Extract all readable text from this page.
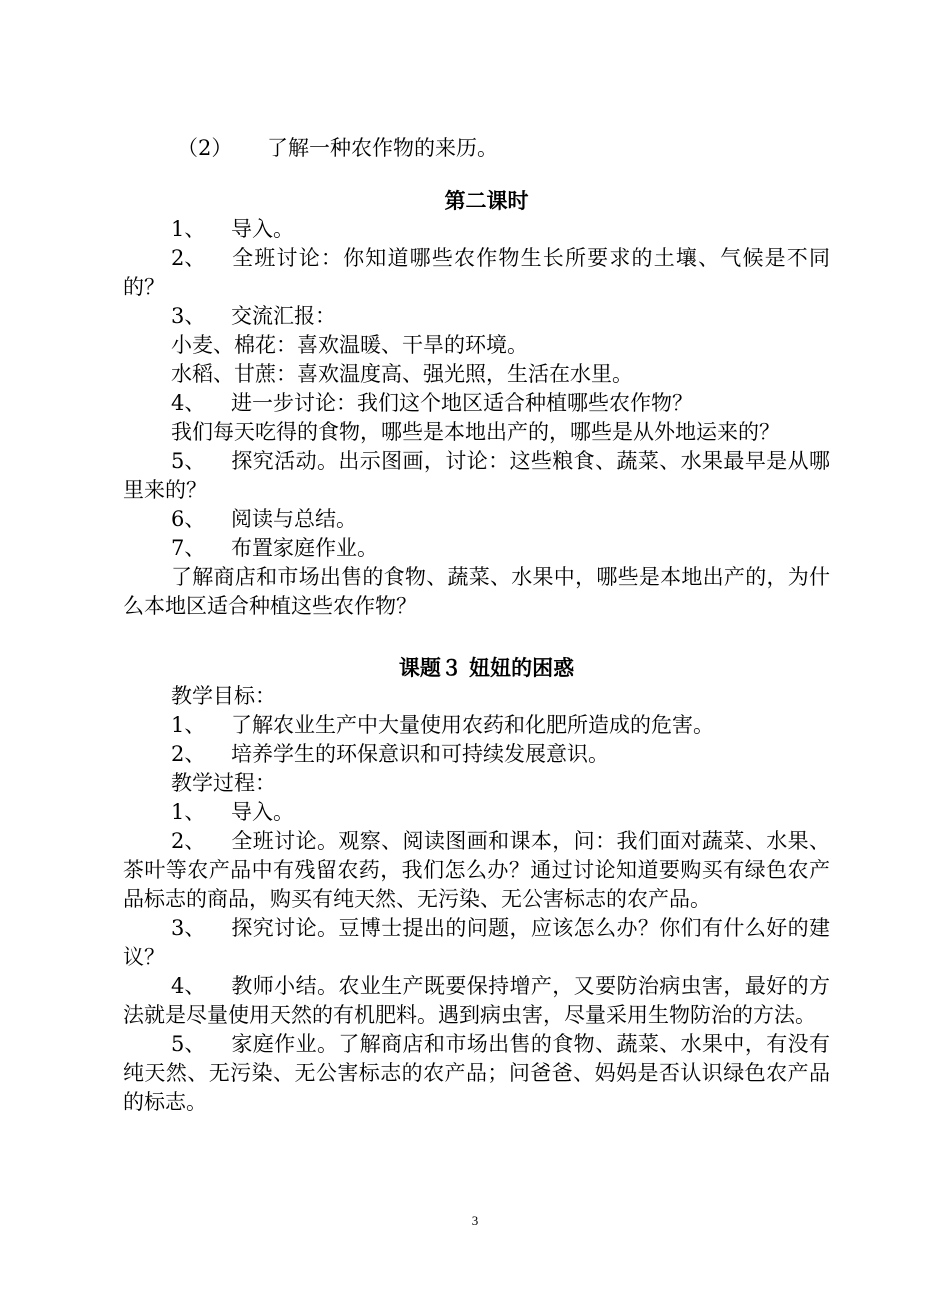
（2） 了解一种农作物的来历。

第二课时

1、 导入。

2、 全班讨论：你知道哪些农作物生长所要求的土壤、气候是不同的？

3、 交流汇报：

小麦、棉花：喜欢温暖、干旱的环境。

水稻、甘蔗：喜欢温度高、强光照，生活在水里。

4、 进一步讨论：我们这个地区适合种植哪些农作物？

我们每天吃得的食物，哪些是本地出产的，哪些是从外地运来的？

5、 探究活动。出示图画，讨论：这些粮食、蔬菜、水果最早是从哪里来的？

6、 阅读与总结。

7、 布置家庭作业。

了解商店和市场出售的食物、蔬菜、水果中，哪些是本地出产的，为什么本地区适合种植这些农作物？

课题３ 妞妞的困惑

教学目标：

1、 了解农业生产中大量使用农药和化肥所造成的危害。

2、 培养学生的环保意识和可持续发展意识。

教学过程：

1、 导入。

2、 全班讨论。观察、阅读图画和课本，问：我们面对蔬菜、水果、茶叶等农产品中有残留农药，我们怎么办？通过讨论知道要购买有绿色农产品标志的商品，购买有纯天然、无污染、无公害标志的农产品。

3、 探究讨论。豆博士提出的问题，应该怎么办？你们有什么好的建议？

4、 教师小结。农业生产既要保持增产，又要防治病虫害，最好的方法就是尽量使用天然的有机肥料。遇到病虫害，尽量采用生物防治的方法。

5、 家庭作业。了解商店和市场出售的食物、蔬菜、水果中，有没有纯天然、无污染、无公害标志的农产品；问爸爸、妈妈是否认识绿色农产品的标志。

3
